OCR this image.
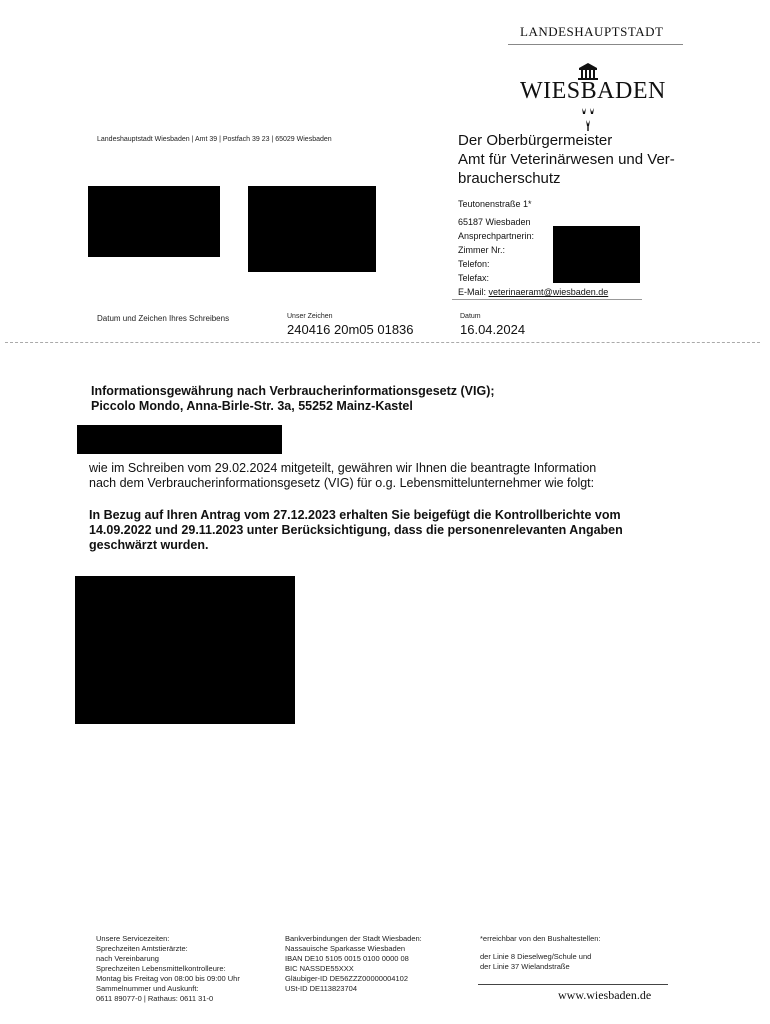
LANDESHAUPTSTADT
WIESBADEN
Landeshauptstadt Wiesbaden | Amt 39 | Postfach 39 23 | 65029 Wiesbaden	Der Oberbürgermeister
Amt für Veterinärwesen und Ver-
braucherschutz
Teutonenstraße 1*
65187 Wiesbaden
Ansprechpartnerin:
Zimmer Nr.:
Telefon:
Telefax:
E-Mail: veterinaeramt@wiesbaden.de
Datum und Zeichen Ihres Schreibens	Unser Zeichen
240416 20m05 01836
Datum
16.04.2024
Informationsgewährung nach Verbraucherinformationsgesetz (VIG);
Piccolo Mondo, Anna-Birle-Str. 3a, 55252 Mainz-Kastel
wie im Schreiben vom 29.02.2024 mitgeteilt, gewähren wir Ihnen die beantragte Information
nach dem Verbraucherinformationsgesetz (VIG) für o.g. Lebensmittelunternehmer wie folgt:
In Bezug auf Ihren Antrag vom 27.12.2023 erhalten Sie beigefügt die Kontrollberichte vom
14.09.2022 und 29.11.2023 unter Berücksichtigung, dass die personenrelevanten Angaben
geschwärzt wurden.
Unsere Servicezeiten:
Sprechzeiten Amtstierärzte:
nach Vereinbarung
Sprechzeiten Lebensmittelkontrolleure:
Montag bis Freitag von 08:00 bis 09:00 Uhr
Sammelnummer und Auskunft:
0611 89077-0 | Rathaus: 0611 31-0
Bankverbindungen der Stadt Wiesbaden:
Nassauische Sparkasse Wiesbaden
IBAN DE10 5105 0015 0100 0000 08
BIC NASSDE55XXX
Gläubiger-ID DE56ZZZ00000004102
USt-ID DE113823704
*erreichbar von den Bushaltestellen:
der Linie 8 Dieselweg/Schule und
der Linie 37 Wielandstraße
www.wiesbaden.de
